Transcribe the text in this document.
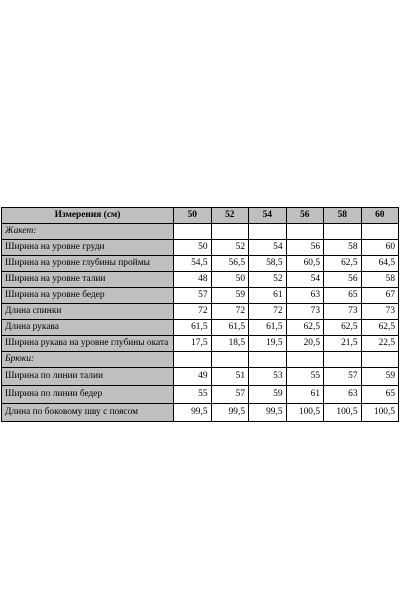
Измерения (см)	50	52	54	56	58	60
Жакет:						
Ширина на уровне груди	50	52	54	56	58	60
Ширина на уровне глубины проймы	54,5	56,5	58,5	60,5	62,5	64,5
Ширина на уровне талии	48	50	52	54	56	58
Ширина на уровне бедер	57	59	61	63	65	67
Длина спинки	72	72	72	73	73	73
Длина рукава	61,5	61,5	61,5	62,5	62,5	62,5
Ширина рукава на уровне глубины оката	17,5	18,5	19,5	20,5	21,5	22,5
Брюки:						
Ширина по линии талии	49	51	53	55	57	59
Ширина по линии бедер	55	57	59	61	63	65
Длина по боковому шву с поясом	99,5	99,5	99,5	100,5	100,5	100,5
